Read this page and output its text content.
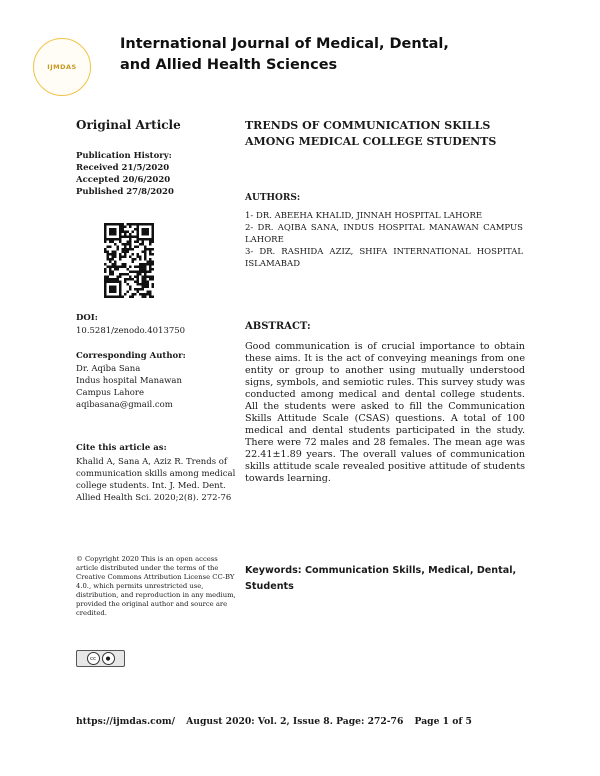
IJMDAS
International Journal of Medical, Dental,
and Allied Health Sciences
Original Article
Publication History:
Received 21/5/2020
Accepted 20/6/2020
Published 27/8/2020
DOI:
10.5281/zenodo.4013750
Corresponding Author:
Dr. Aqiba Sana
Indus hospital Manawan
Campus Lahore
aqibasana@gmail.com
Cite this article as:
Khalid A, Sana A, Aziz R. Trends of communication skills among medical college students. Int. J. Med. Dent. Allied Health Sci. 2020;2(8). 272-76
© Copyright 2020 This is an open access article distributed under the terms of the Creative Commons Attribution License CC-BY 4.0., which permits unrestricted use, distribution, and reproduction in any medium, provided the original author and source are credited.
cc	●
TRENDS OF COMMUNICATION SKILLS AMONG MEDICAL COLLEGE STUDENTS
AUTHORS:
1- DR. ABEEHA KHALID, JINNAH HOSPITAL LAHORE
2- DR. AQIBA SANA, INDUS HOSPITAL MANAWAN CAMPUS LAHORE
3- DR. RASHIDA AZIZ, SHIFA INTERNATIONAL HOSPITAL ISLAMABAD
ABSTRACT:
Good communication is of crucial importance to obtain these aims. It is the act of conveying meanings from one entity or group to another using mutually understood signs, symbols, and semiotic rules. This survey study was conducted among medical and dental college students. All the students were asked to fill the Communication Skills Attitude Scale (CSAS) questions. A total of 100 medical and dental students participated in the study. There were 72 males and 28 females. The mean age was 22.41±1.89 years. The overall values of communication skills attitude scale revealed positive attitude of students towards learning.
Keywords: Communication Skills, Medical, Dental, Students
https://ijmdas.com/ August 2020: Vol. 2, Issue 8. Page: 272-76 Page 1 of 5
